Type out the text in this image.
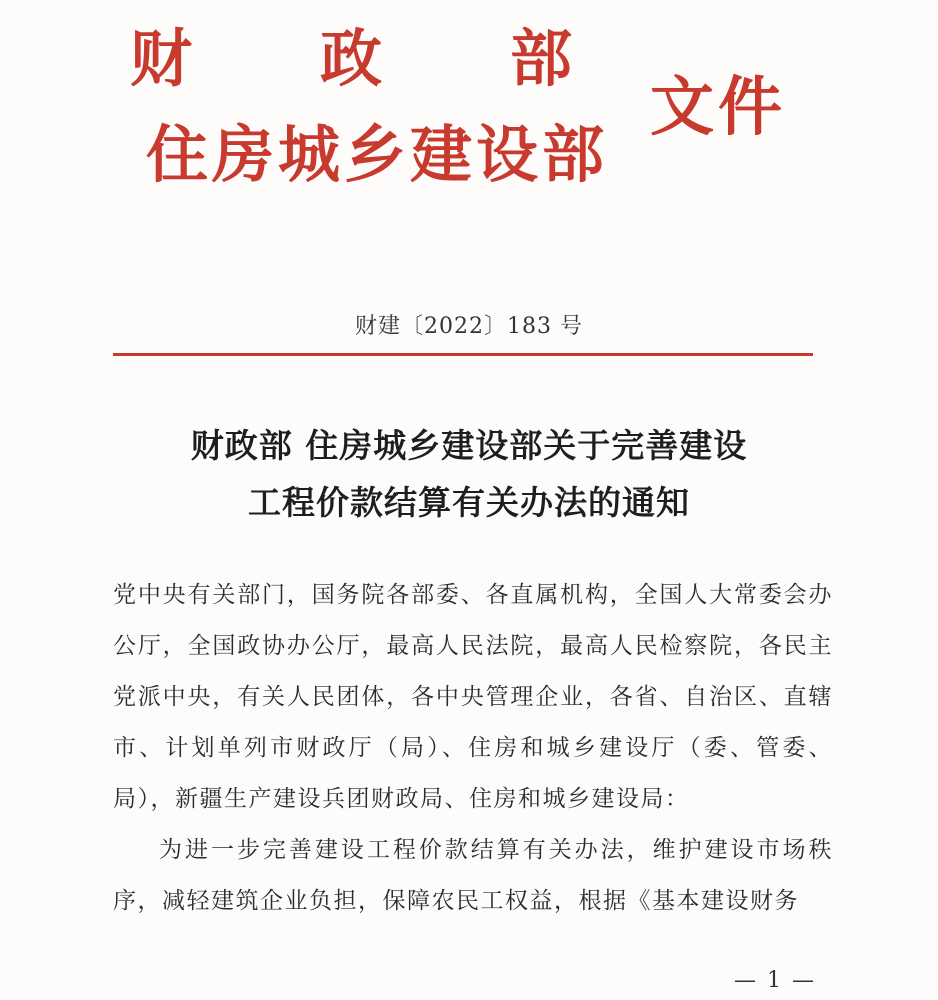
财政部
住房城乡建设部
文件
财建〔2022〕183 号
财政部 住房城乡建设部关于完善建设
工程价款结算有关办法的通知

党中央有关部门，国务院各部委、各直属机构，全国人大常委会办公厅，全国政协办公厅，最高人民法院，最高人民检察院，各民主党派中央，有关人民团体，各中央管理企业，各省、自治区、直辖市、计划单列市财政厅（局）、住房和城乡建设厅（委、管委、局），新疆生产建设兵团财政局、住房和城乡建设局：

为进一步完善建设工程价款结算有关办法，维护建设市场秩序，减轻建筑企业负担，保障农民工权益，根据《基本建设财务

— 1 —
